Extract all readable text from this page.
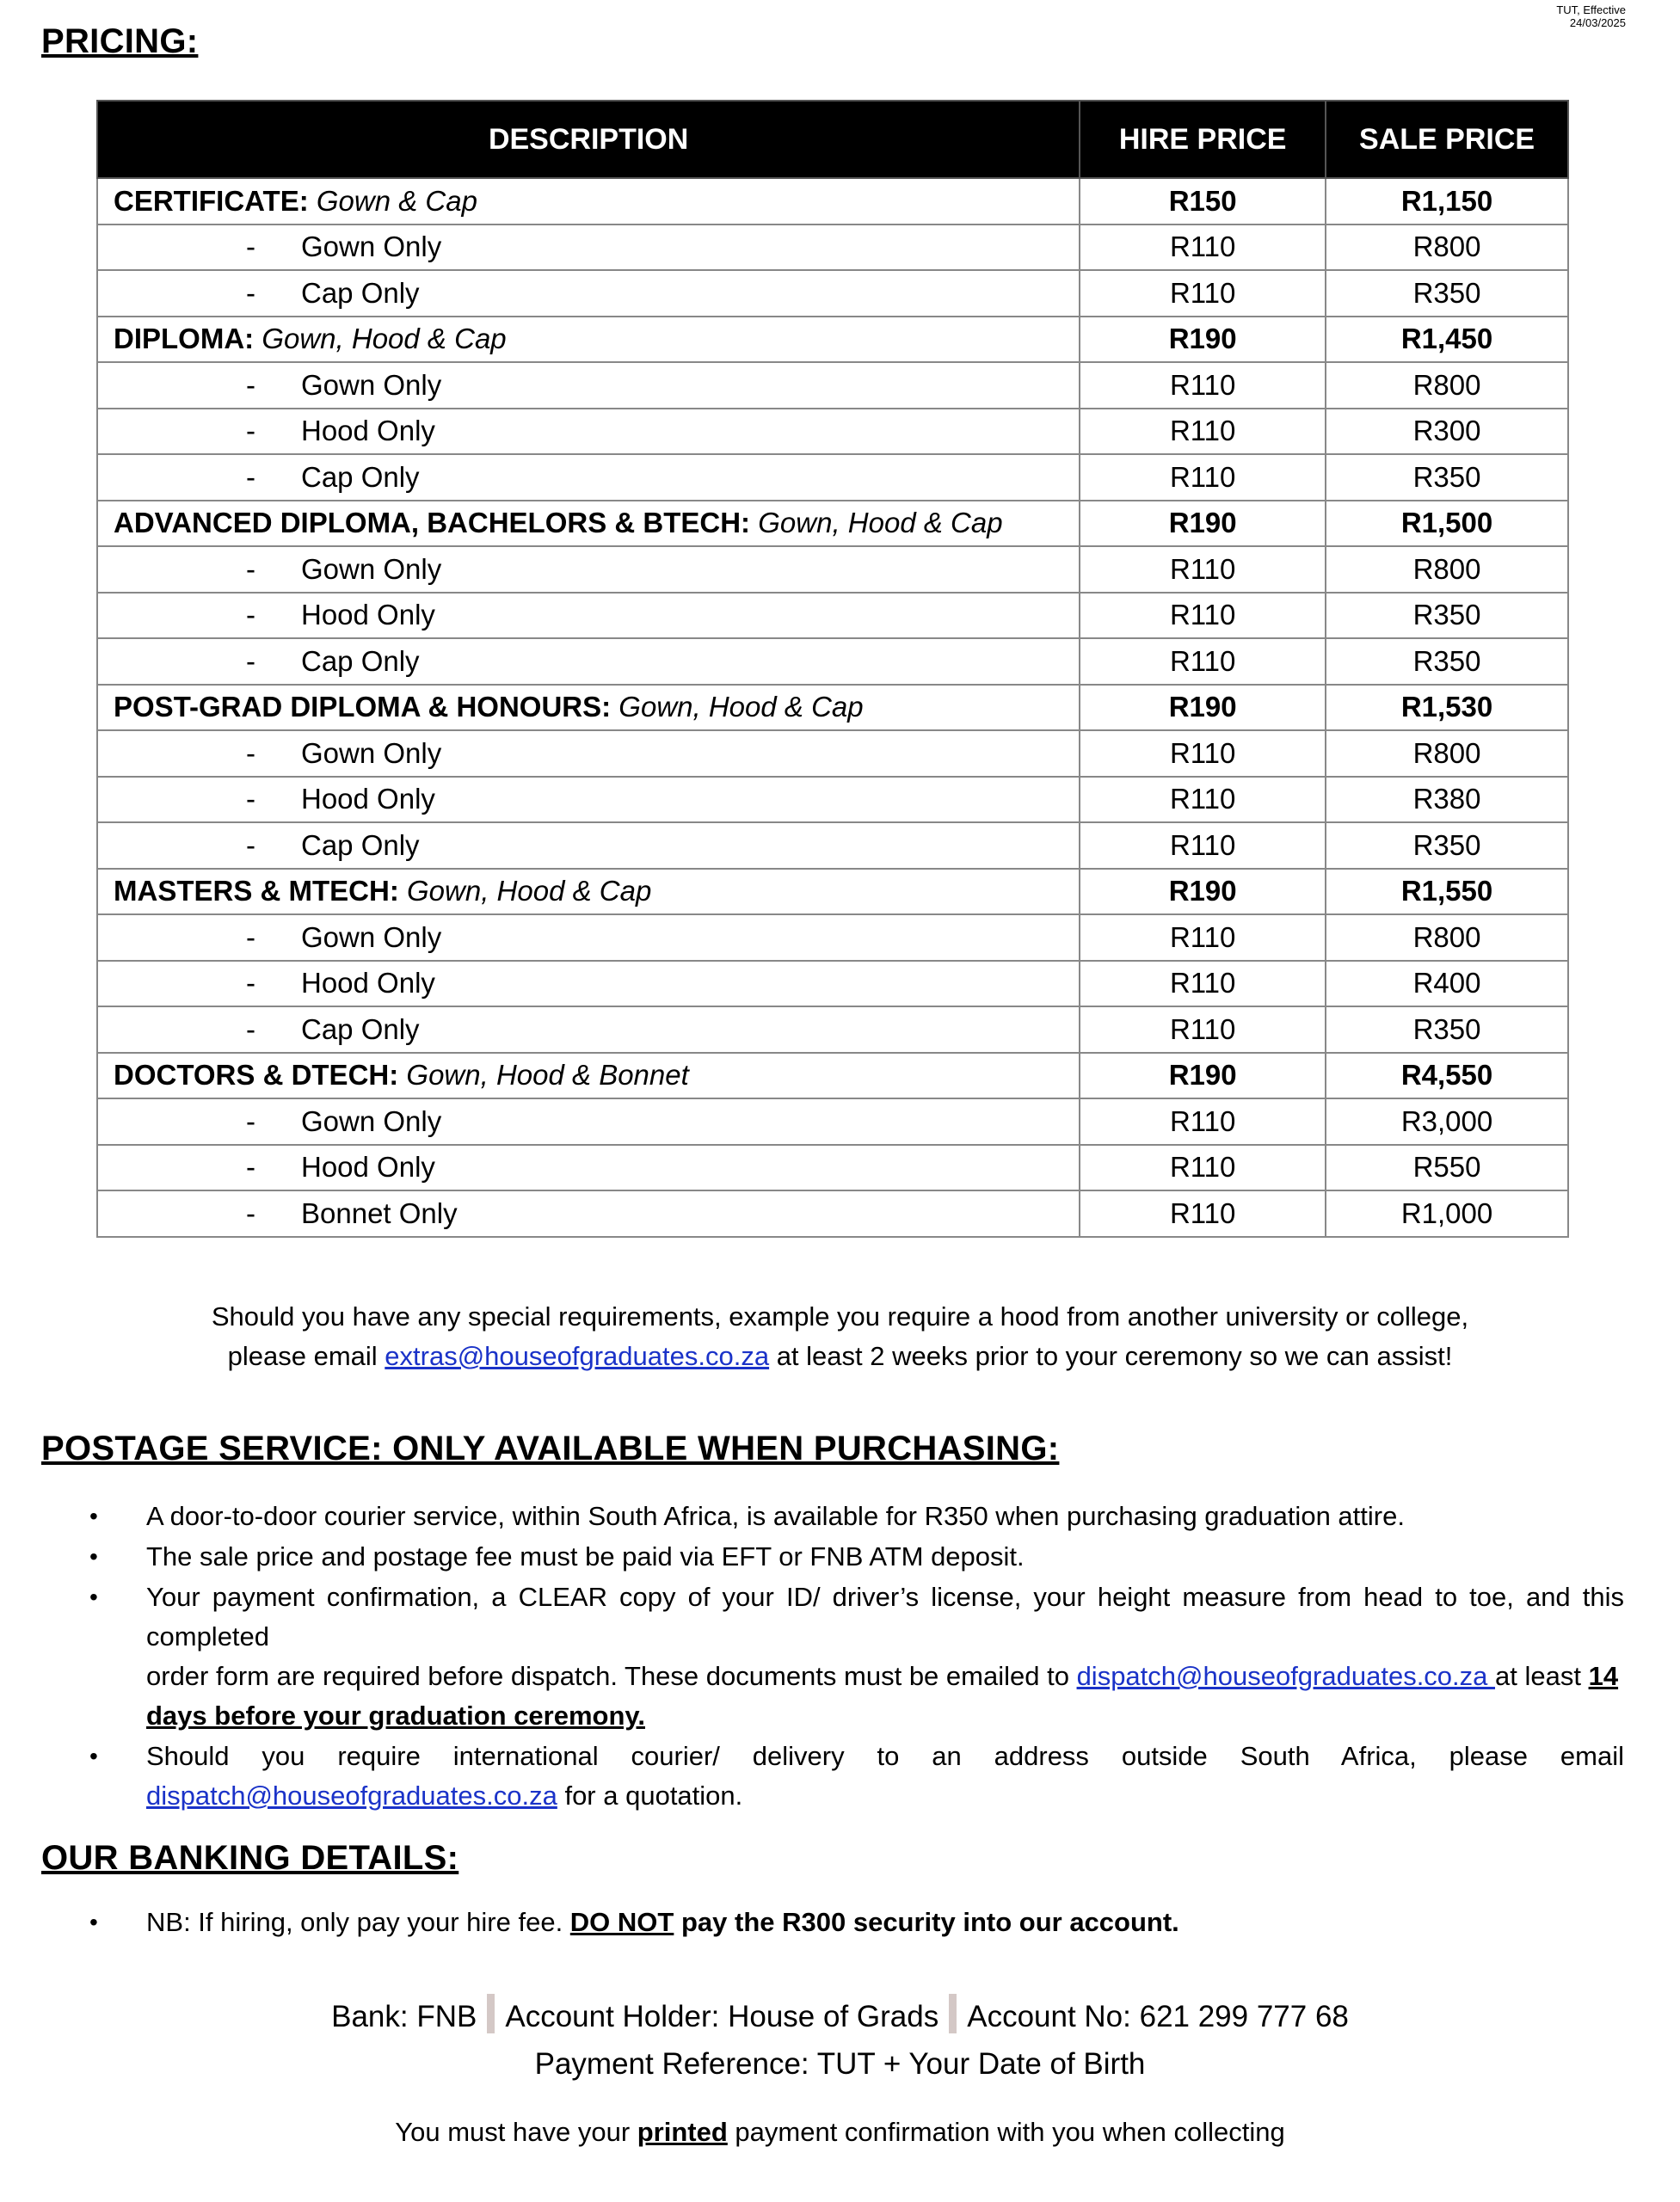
TUT, Effective
24/03/2025
PRICING:
DESCRIPTION	HIRE PRICE	SALE PRICE
CERTIFICATE: Gown & Cap	R150	R1,150
- Gown Only	R110	R800
- Cap Only	R110	R350
DIPLOMA: Gown, Hood & Cap	R190	R1,450
- Gown Only	R110	R800
- Hood Only	R110	R300
- Cap Only	R110	R350
ADVANCED DIPLOMA, BACHELORS & BTECH: Gown, Hood & Cap	R190	R1,500
- Gown Only	R110	R800
- Hood Only	R110	R350
- Cap Only	R110	R350
POST-GRAD DIPLOMA & HONOURS: Gown, Hood & Cap	R190	R1,530
- Gown Only	R110	R800
- Hood Only	R110	R380
- Cap Only	R110	R350
MASTERS & MTECH: Gown, Hood & Cap	R190	R1,550
- Gown Only	R110	R800
- Hood Only	R110	R400
- Cap Only	R110	R350
DOCTORS & DTECH: Gown, Hood & Bonnet	R190	R4,550
- Gown Only	R110	R3,000
- Hood Only	R110	R550
- Bonnet Only	R110	R1,000
Should you have any special requirements, example you require a hood from another university or college,
please email extras@houseofgraduates.co.za at least 2 weeks prior to your ceremony so we can assist!
POSTAGE SERVICE: ONLY AVAILABLE WHEN PURCHASING:
• A door-to-door courier service, within South Africa, is available for R350 when purchasing graduation attire.
• The sale price and postage fee must be paid via EFT or FNB ATM deposit.
• Your payment confirmation, a CLEAR copy of your ID/ driver’s license, your height measure from head to toe, and this completed
order form are required before dispatch. These documents must be emailed to dispatch@houseofgraduates.co.za at least 14
days before your graduation ceremony.
• Should you require international courier/ delivery to an address outside South Africa, please email
dispatch@houseofgraduates.co.za for a quotation.
OUR BANKING DETAILS:
• NB: If hiring, only pay your hire fee. DO NOT pay the R300 security into our account.
Bank: FNB Account Holder: House of Grads Account No: 621 299 777 68
Payment Reference: TUT + Your Date of Birth
You must have your printed payment confirmation with you when collecting
